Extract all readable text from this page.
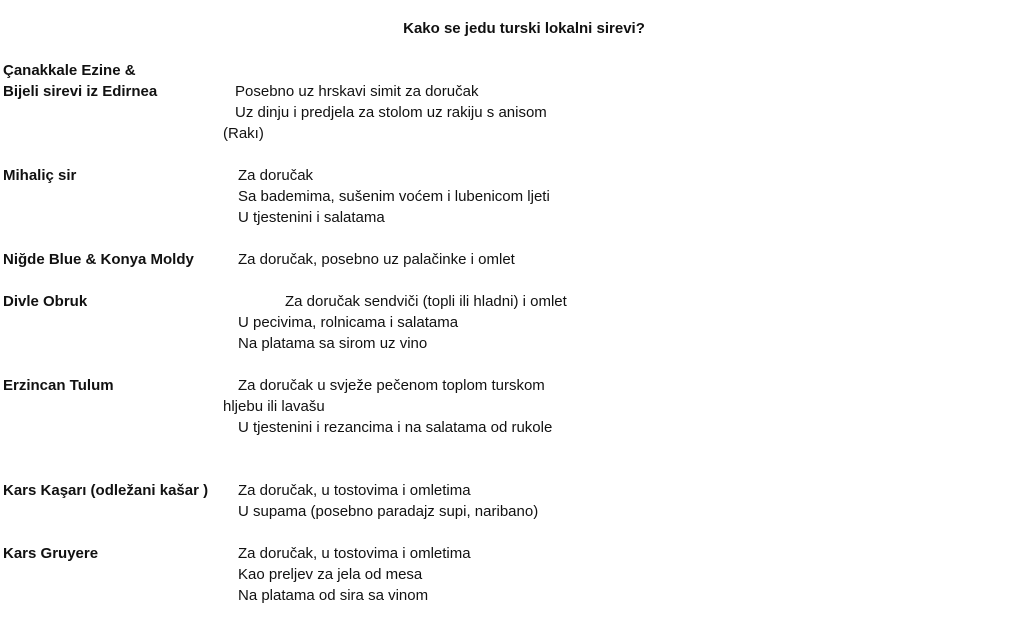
Kako se jedu turski lokalni sirevi?
Çanakkale Ezine &
Bijeli sirevi iz Edirnea	Posebno uz hrskavi simit za doručak
Uz dinju i predjela za stolom uz rakiju s anisom
(Rakı)
Mihaliç sir	Za doručak
Sa bademima, sušenim voćem i lubenicom ljeti
U tjestenini i salatama
Niğde Blue & Konya Moldy	Za doručak, posebno uz palačinke i omlet
Divle Obruk	Za doručak sendviči (topli ili hladni) i omlet
U pecivima, rolnicama i salatama
Na platama sa sirom uz vino
Erzincan Tulum	Za doručak u svježe pečenom toplom turskom
hljebu ili lavašu
U tjestenini i rezancima i na salatama od rukole
Kars Kaşarı (odležani kašar ) Za doručak, u tostovima i omletima
U supama (posebno paradajz supi, naribano)
Kars Gruyere	Za doručak, u tostovima i omletima
Kao preljev za jela od mesa
Na platama od sira sa vinom
